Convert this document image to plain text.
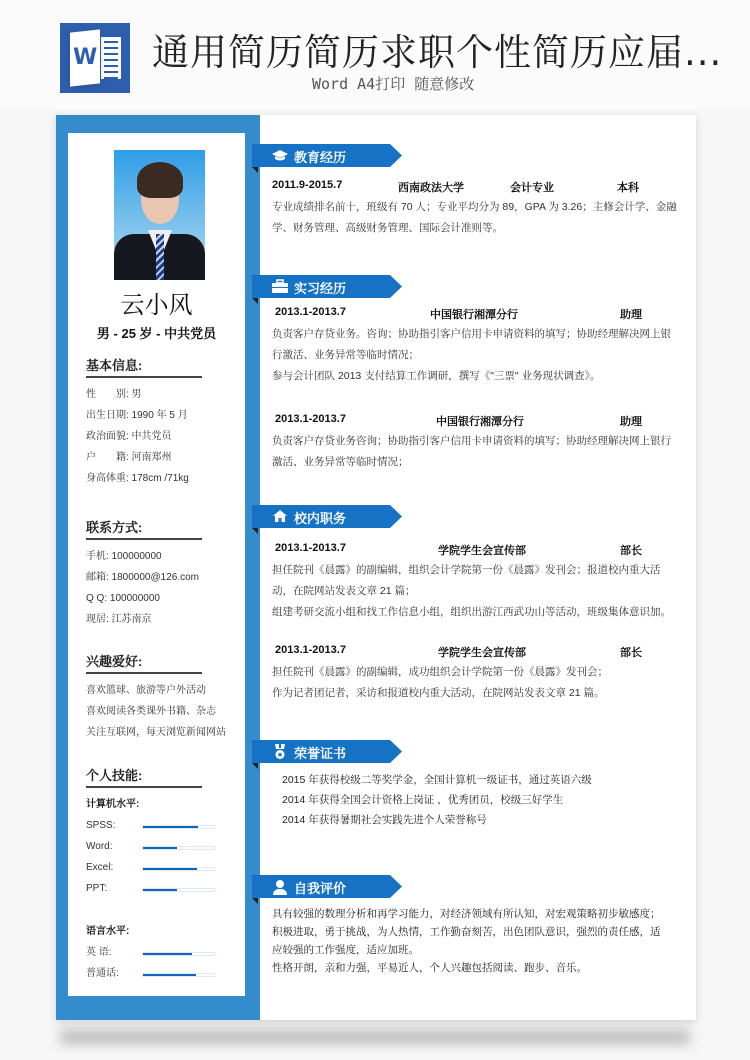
W 通用简历简历求职个性简历应届...
Word A4打印 随意修改
云小风
男 - 25 岁 - 中共党员
基本信息:
性　　别: 男
出生日期: 1990 年 5 月
政治面貌: 中共党员
户　　籍: 河南郑州
身高体重: 178cm /71kg
联系方式:
手机: 100000000
邮箱: 1800000@126.com
Q Q: 100000000
现居: 江苏南京
兴趣爱好:
喜欢篮球、旅游等户外活动
喜欢阅读各类课外书籍、杂志
关注互联网，每天浏览新闻网站
个人技能:
计算机水平:
SPSS:
Word:
Excel:
PPT:
语言水平:
英 语:
普通话:
教育经历
2011.9-2015.7	西南政法大学	会计专业	本科

专业成绩排名前十，班级有 70 人；专业平均分为 89，GPA 为 3.26；主修会计学、金融

学、财务管理、高级财务管理、国际会计准则等。

实习经历
2013.1-2013.7	中国银行湘潭分行	助理

负责客户存贷业务。咨询；协助指引客户信用卡申请资料的填写；协助经理解决网上银

行激活、业务异常等临时情况；

参与会计团队 2013 支付结算工作调研，撰写《"三票" 业务现状调查》。

2013.1-2013.7	中国银行湘潭分行	助理

负责客户存贷业务咨询；协助指引客户信用卡申请资料的填写；协助经理解决网上银行

激活、业务异常等临时情况；

校内职务
2013.1-2013.7	学院学生会宣传部	部长

担任院刊《晨露》的副编辑，组织会计学院第一份《晨露》发刊会；报道校内重大活

动，在院网站发表文章 21 篇；

组建考研交流小组和找工作信息小组，组织出游江西武功山等活动，班级集体意识加。

2013.1-2013.7	学院学生会宣传部	部长

担任院刊《晨露》的副编辑，成功组织会计学院第一份《晨露》发刊会；

作为记者团记者，采访和报道校内重大活动，在院网站发表文章 21 篇。

荣誉证书

2015 年获得校级二等奖学金，全国计算机一级证书，通过英语六级

2014 年获得全国会计资格上岗证 ，优秀团员，校级三好学生

2014 年获得暑期社会实践先进个人荣誉称号

自我评价

具有较强的数理分析和再学习能力，对经济领域有所认知，对宏观策略初步敏感度；

积极进取，勇于挑战，为人热情，工作勤奋刻苦，出色团队意识，强烈的责任感，适

应较强的工作强度，适应加班。

性格开朗，亲和力强，平易近人，个人兴趣包括阅读、跑步、音乐。
